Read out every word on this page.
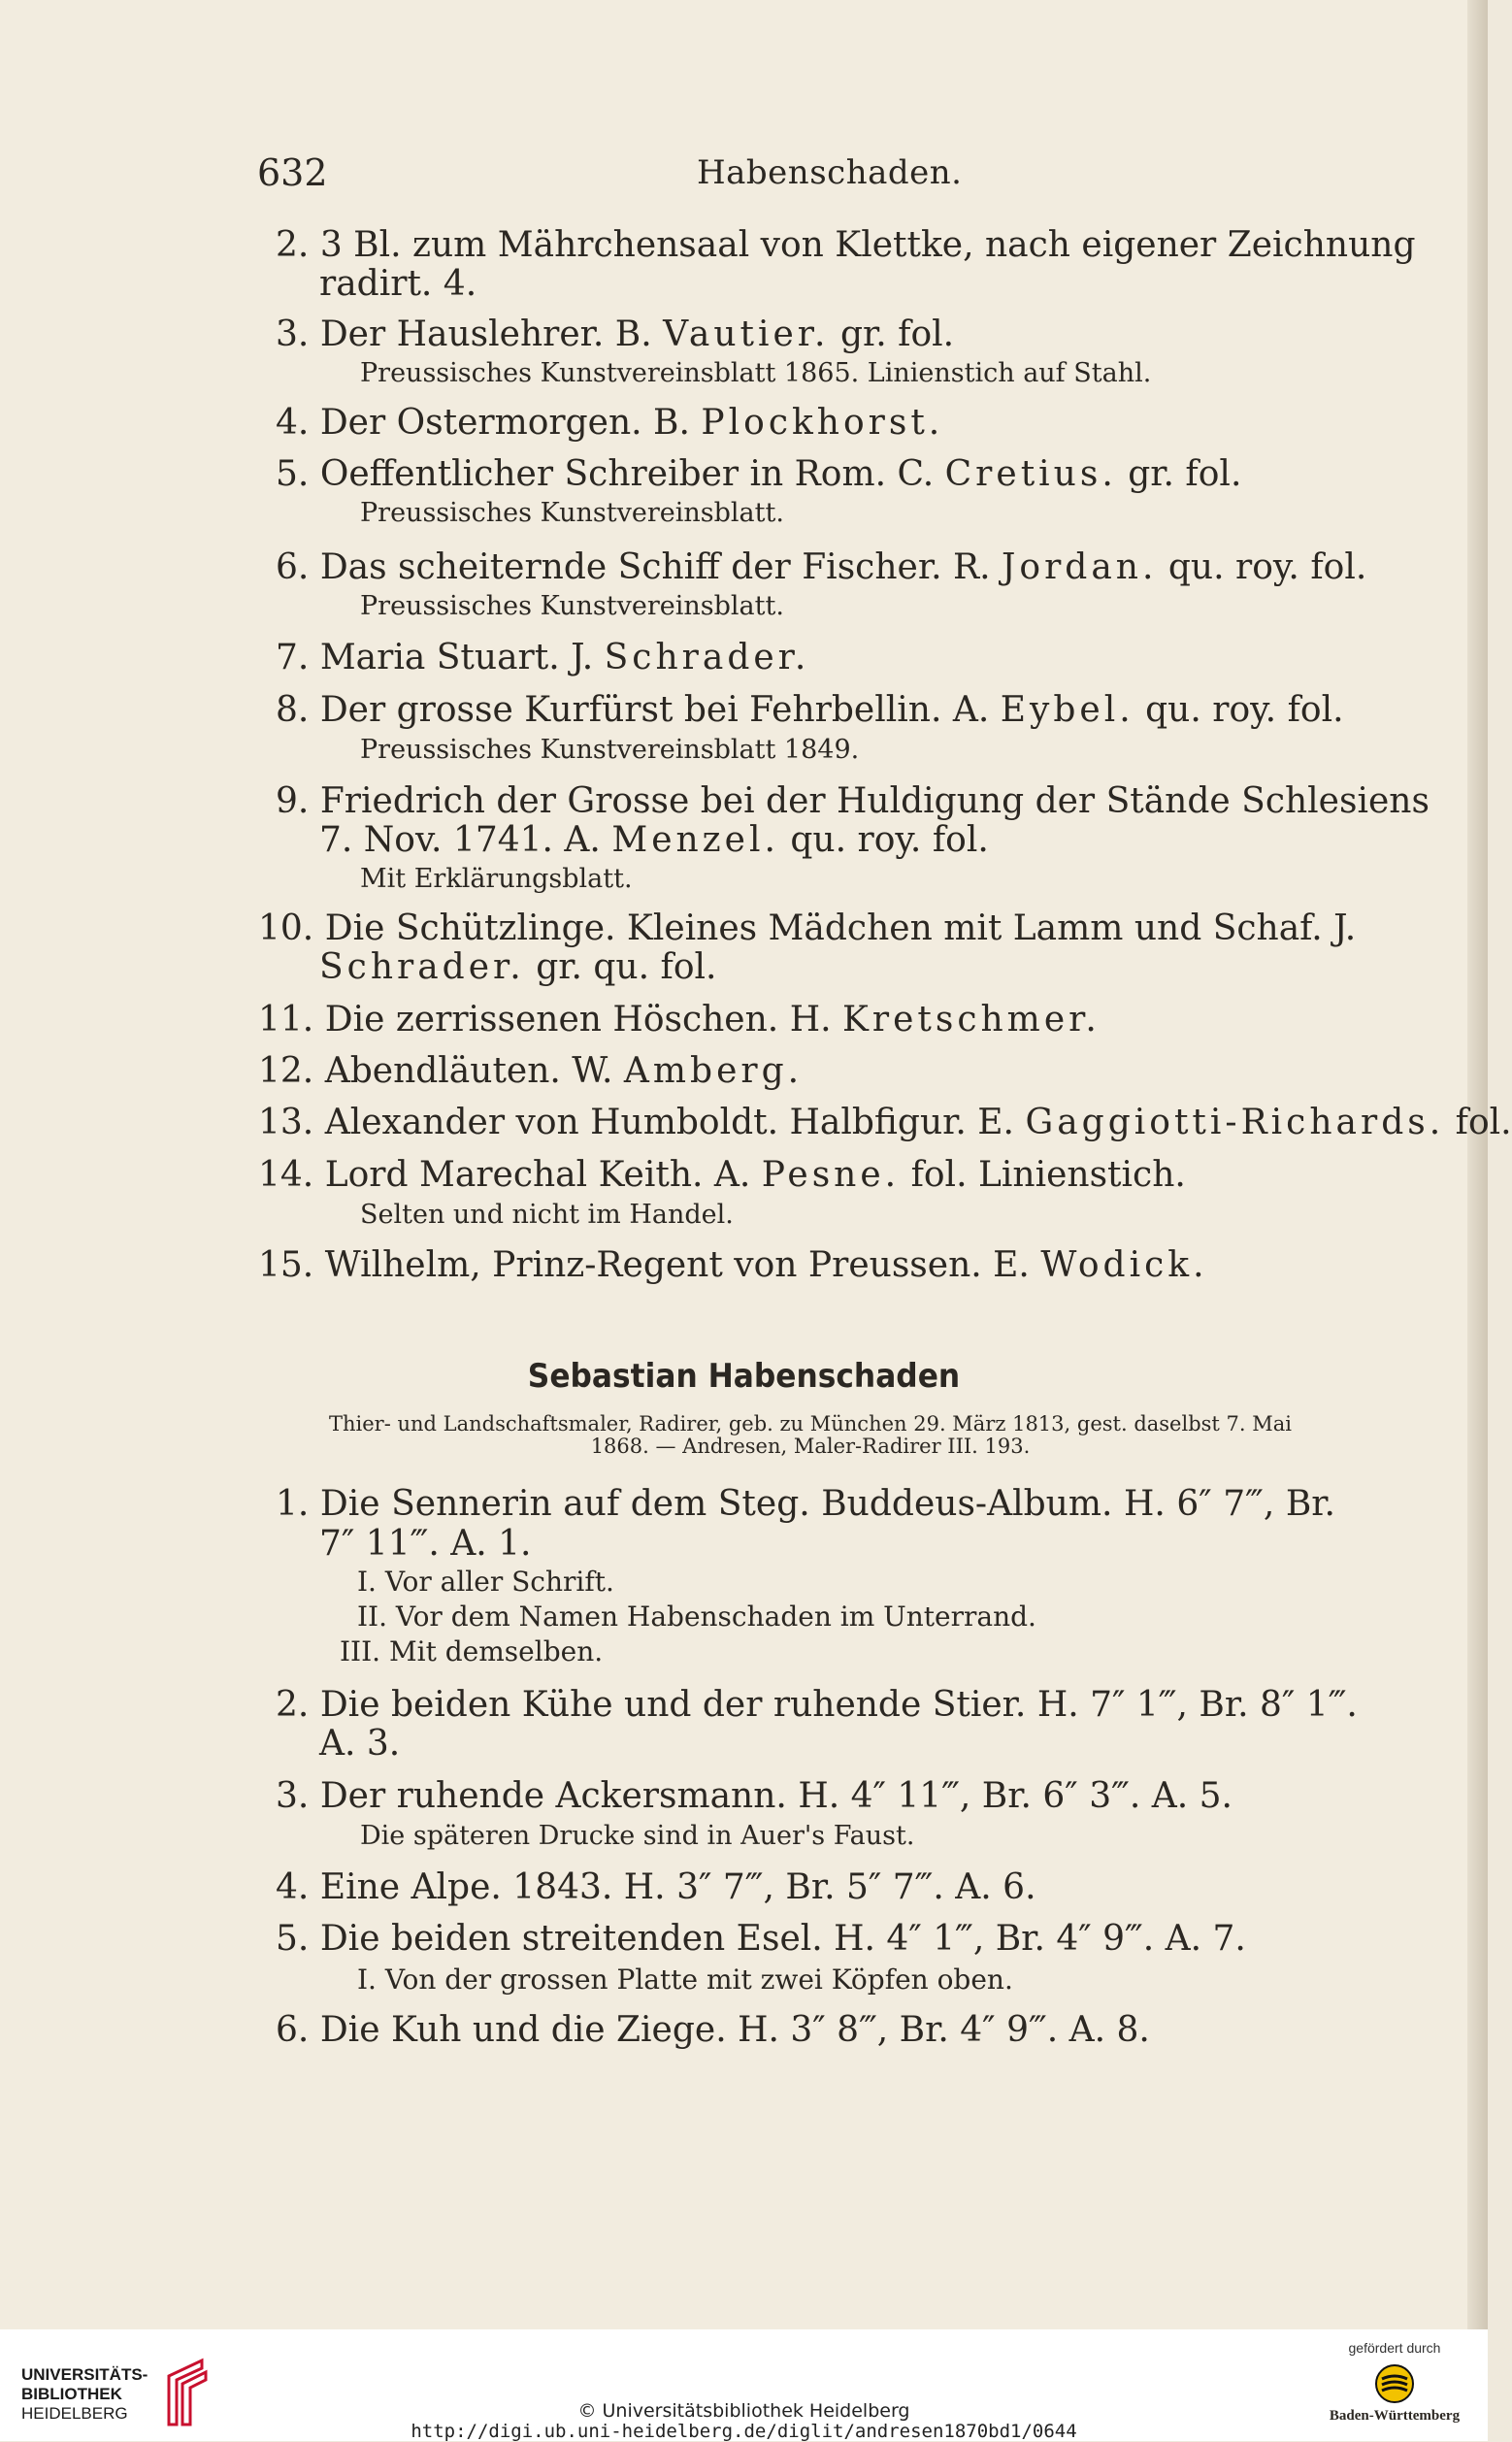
632	Habenschaden.
2. 3 Bl. zum Mährchensaal von Klettke, nach eigener Zeichnung
radirt. 4.
3. Der Hauslehrer. B. Vautier. gr. fol.
Preussisches Kunstvereinsblatt 1865. Linienstich auf Stahl.
4. Der Ostermorgen. B. Plockhorst.
5. Oeffentlicher Schreiber in Rom. C. Cretius. gr. fol.
Preussisches Kunstvereinsblatt.
6. Das scheiternde Schiff der Fischer. R. Jordan. qu. roy. fol.
Preussisches Kunstvereinsblatt.
7. Maria Stuart. J. Schrader.
8. Der grosse Kurfürst bei Fehrbellin. A. Eybel. qu. roy. fol.
Preussisches Kunstvereinsblatt 1849.
9. Friedrich der Grosse bei der Huldigung der Stände Schlesiens
7. Nov. 1741. A. Menzel. qu. roy. fol.
Mit Erklärungsblatt.
10. Die Schützlinge. Kleines Mädchen mit Lamm und Schaf. J.
Schrader. gr. qu. fol.
11. Die zerrissenen Höschen. H. Kretschmer.
12. Abendläuten. W. Amberg.
13. Alexander von Humboldt. Halbfigur. E. Gaggiotti-Richards. fol.
14. Lord Marechal Keith. A. Pesne. fol. Linienstich.
Selten und nicht im Handel.
15. Wilhelm, Prinz-Regent von Preussen. E. Wodick.
Sebastian Habenschaden
Thier- und Landschaftsmaler, Radirer, geb. zu München 29. März 1813, gest. daselbst 7. Mai
1868. — Andresen, Maler-Radirer III. 193.
1. Die Sennerin auf dem Steg. Buddeus-Album. H. 6″ 7‴, Br.
7″ 11‴. A. 1.
I. Vor aller Schrift.
II. Vor dem Namen Habenschaden im Unterrand.
III. Mit demselben.
2. Die beiden Kühe und der ruhende Stier. H. 7″ 1‴, Br. 8″ 1‴.
A. 3.
3. Der ruhende Ackersmann. H. 4″ 11‴, Br. 6″ 3‴. A. 5.
Die späteren Drucke sind in Auer's Faust.
4. Eine Alpe. 1843. H. 3″ 7‴, Br. 5″ 7‴. A. 6.
5. Die beiden streitenden Esel. H. 4″ 1‴, Br. 4″ 9‴. A. 7.
I. Von der grossen Platte mit zwei Köpfen oben.
6. Die Kuh und die Ziege. H. 3″ 8‴, Br. 4″ 9‴. A. 8.
UNIVERSITÄTS-
BIBLIOTHEK
HEIDELBERG	© Universitätsbibliothek Heidelberg
http://digi.ub.uni-heidelberg.de/diglit/andresen1870bd1/0644
gefördert durch
Baden-Württemberg
